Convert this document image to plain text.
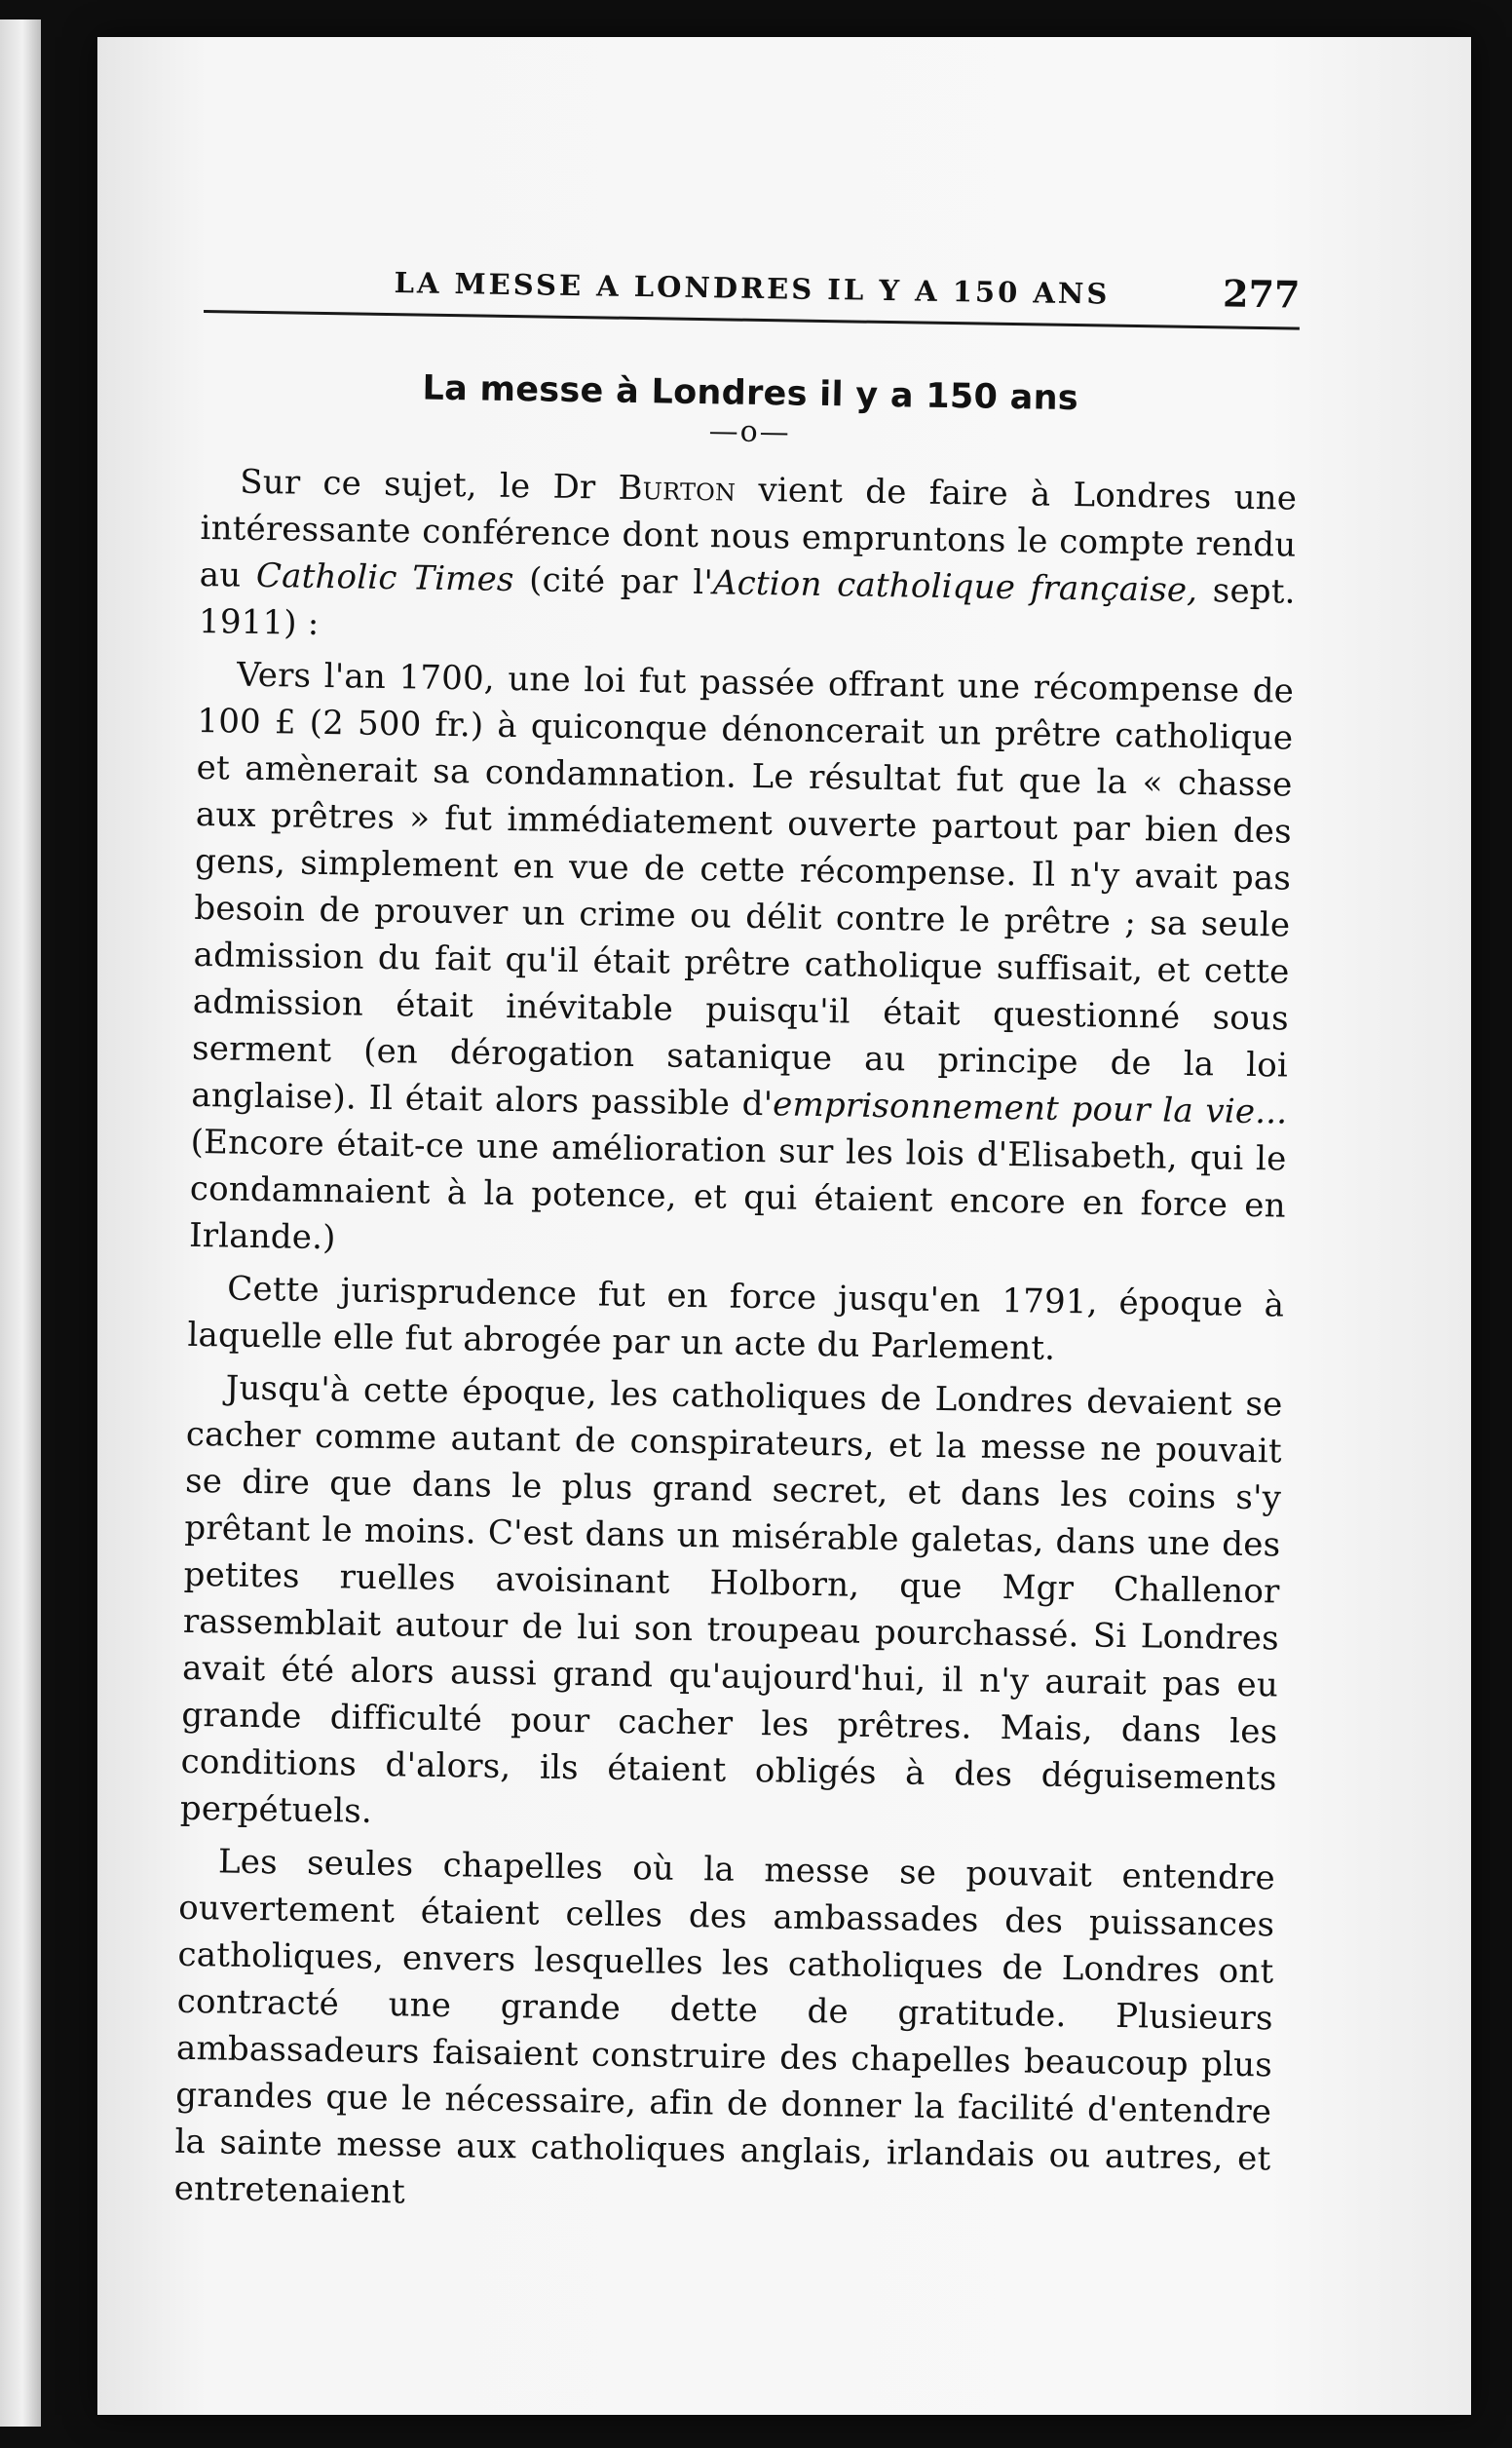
LA MESSE A LONDRES IL Y A 150 ANS	277
La messe à Londres il y a 150 ans
—o—

Sur ce sujet, le Dr Burton vient de faire à Londres une intéressante conférence dont nous empruntons le compte rendu au Catholic Times (cité par l'Action catholique française, sept. 1911) :

Vers l'an 1700, une loi fut passée offrant une récompense de 100 £ (2 500 fr.) à quiconque dénoncerait un prêtre catholique et amènerait sa condamnation. Le résultat fut que la « chasse aux prêtres » fut immédiatement ouverte partout par bien des gens, simplement en vue de cette récompense. Il n'y avait pas besoin de prouver un crime ou délit contre le prêtre ; sa seule admission du fait qu'il était prêtre catholique suffisait, et cette admission était inévitable puisqu'il était questionné sous serment (en dérogation satanique au principe de la loi anglaise). Il était alors passible d'emprisonnement pour la vie... (Encore était-ce une amélioration sur les lois d'Elisabeth, qui le condamnaient à la potence, et qui étaient encore en force en Irlande.)

Cette jurisprudence fut en force jusqu'en 1791, époque à laquelle elle fut abrogée par un acte du Parlement.

Jusqu'à cette époque, les catholiques de Londres devaient se cacher comme autant de conspirateurs, et la messe ne pouvait se dire que dans le plus grand secret, et dans les coins s'y prêtant le moins. C'est dans un misérable galetas, dans une des petites ruelles avoisinant Holborn, que Mgr Challenor rassemblait autour de lui son troupeau pourchassé. Si Londres avait été alors aussi grand qu'aujourd'hui, il n'y aurait pas eu grande difficulté pour cacher les prêtres. Mais, dans les conditions d'alors, ils étaient obligés à des déguisements perpétuels.

Les seules chapelles où la messe se pouvait entendre ouvertement étaient celles des ambassades des puissances catholiques, envers lesquelles les catholiques de Londres ont contracté une grande dette de gratitude. Plusieurs ambassadeurs faisaient construire des chapelles beaucoup plus grandes que le nécessaire, afin de donner la facilité d'entendre la sainte messe aux catholiques anglais, irlandais ou autres, et entretenaient
